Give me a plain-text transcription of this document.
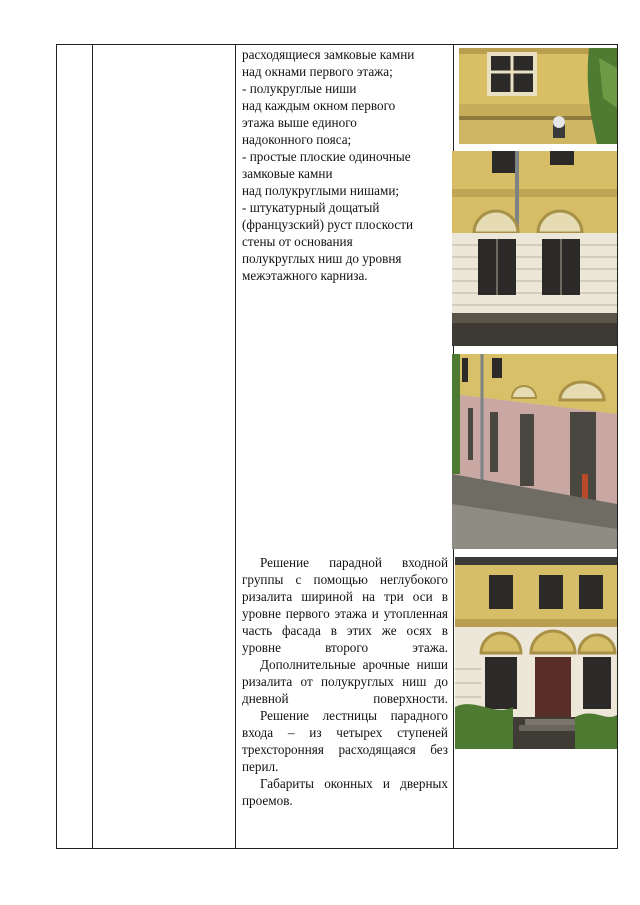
расходящиеся замковые камни
над окнами первого этажа;
- полукруглые ниши
над каждым окном первого
этажа выше единого
надоконного пояса;
- простые плоские одиночные
замковые камни
над полукруглыми нишами;
- штукатурный дощатый
(французский) руст плоскости
стены от основания
полукруглых ниш до уровня
межэтажного карниза.

Решение парадной входной группы с помощью неглубокого ризалита шириной на три оси в уровне первого этажа и утопленная часть фасада в этих же осях в уровне второго этажа.

Дополнительные арочные ниши ризалита от полукруглых ниш до дневной поверхности.

Решение лестницы парадного входа – из четырех ступеней трехсторонняя расходящаяся без перил.

Габариты оконных и дверных проемов.
